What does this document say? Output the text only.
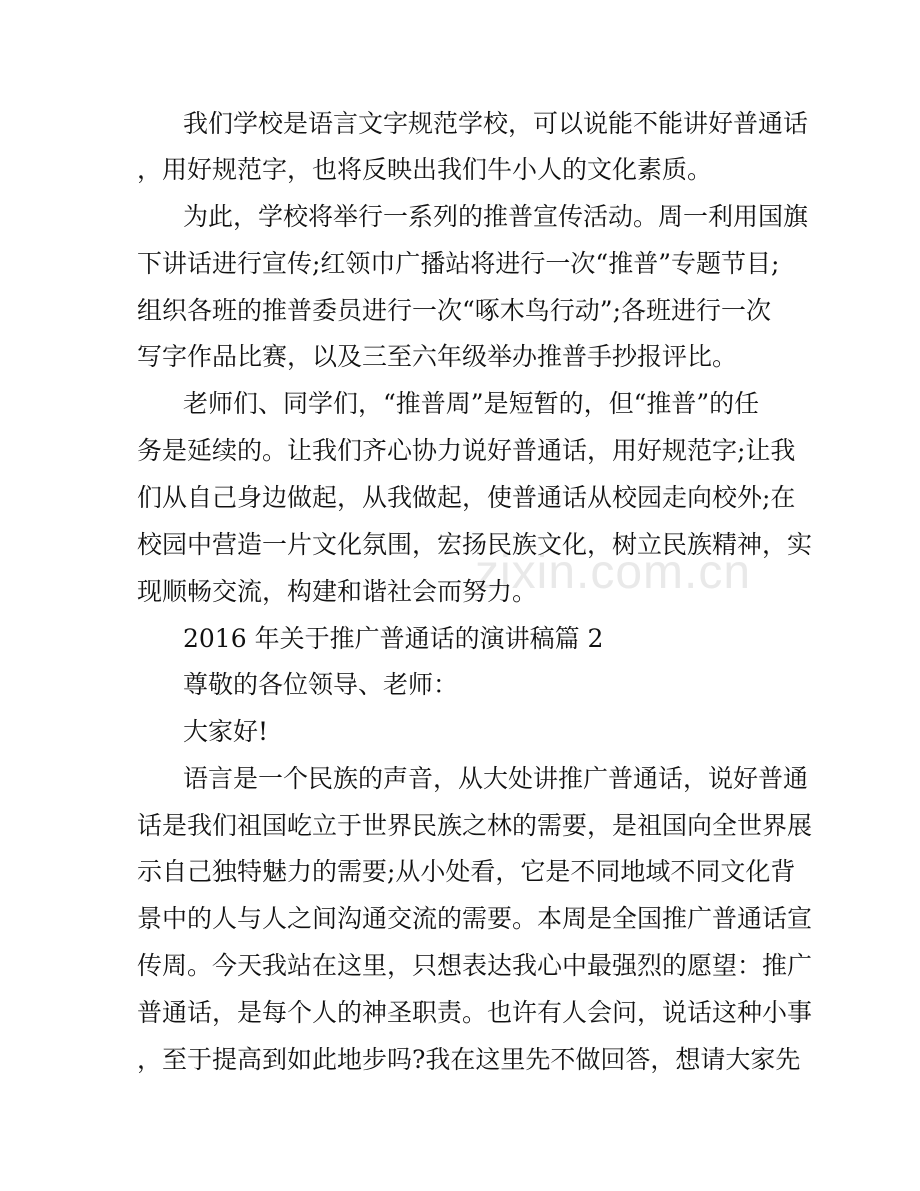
zixin.com.cn
我们学校是语言文字规范学校，可以说能不能讲好普通话
，用好规范字，也将反映出我们牛小人的文化素质。
为此，学校将举行一系列的推普宣传活动。周一利用国旗
下讲话进行宣传;红领巾广播站将进行一次“推普”专题节目;
组织各班的推普委员进行一次“啄木鸟行动”;各班进行一次
写字作品比赛，以及三至六年级举办推普手抄报评比。
老师们、同学们，“推普周”是短暂的，但“推普”的任
务是延续的。让我们齐心协力说好普通话，用好规范字;让我
们从自己身边做起，从我做起，使普通话从校园走向校外;在
校园中营造一片文化氛围，宏扬民族文化，树立民族精神，实
现顺畅交流，构建和谐社会而努力。
2016 年关于推广普通话的演讲稿篇 2
尊敬的各位领导、老师：
大家好!
语言是一个民族的声音，从大处讲推广普通话，说好普通
话是我们祖国屹立于世界民族之林的需要，是祖国向全世界展
示自己独特魅力的需要;从小处看，它是不同地域不同文化背
景中的人与人之间沟通交流的需要。本周是全国推广普通话宣
传周。今天我站在这里，只想表达我心中最强烈的愿望：推广
普通话，是每个人的神圣职责。也许有人会问，说话这种小事
，至于提高到如此地步吗?我在这里先不做回答，想请大家先
